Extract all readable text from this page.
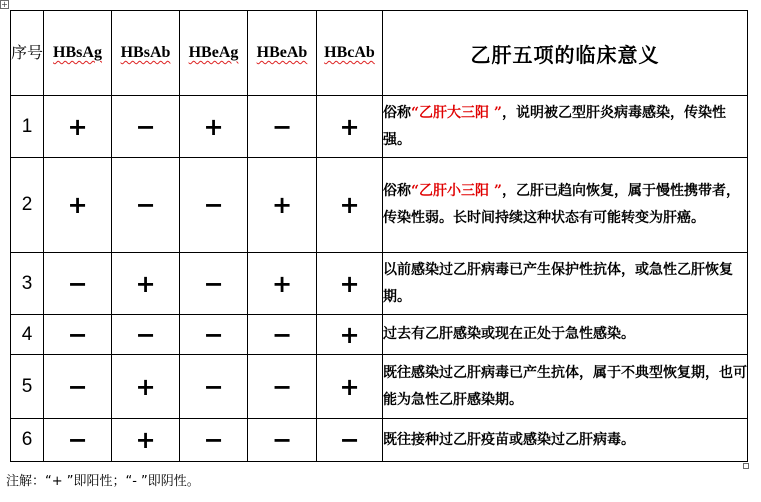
+
序号	HBsAg	HBsAb	HBeAg	HBeAb	HBcAb	乙肝五项的临床意义
1	+	−	+	−	+	俗称“乙肝大三阳 ”，说明被乙型肝炎病毒感染，传染性强。
2	+	−	−	+	+	俗称“乙肝小三阳 ”，乙肝已趋向恢复，属于慢性携带者，传染性弱。长时间持续这种状态有可能转变为肝癌。
3	−	+	−	+	+	以前感染过乙肝病毒已产生保护性抗体，或急性乙肝恢复期。
4	−	−	−	−	+	过去有乙肝感染或现在正处于急性感染。
5	−	+	−	−	+	既往感染过乙肝病毒已产生抗体，属于不典型恢复期，也可能为急性乙肝感染期。
6	−	+	−	−	−	既往接种过乙肝疫苗或感染过乙肝病毒。
注解：“+ ”即阳性；“- ”即阴性。
